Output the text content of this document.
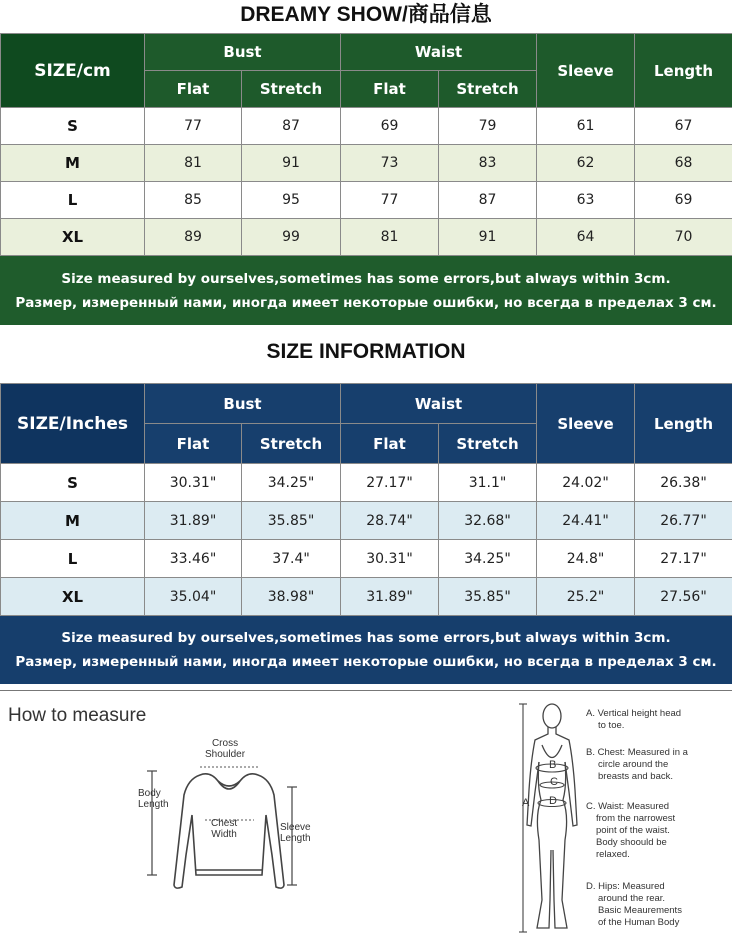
DREAMY SHOW/商品信息
SIZE/cm	Bust		Waist		Sleeve	Length
	Flat	Stretch	Flat	Stretch		
S	77	87	69	79	61	67
M	81	91	73	83	62	68
L	85	95	77	87	63	69
XL	89	99	81	91	64	70
Size measured by ourselves,sometimes has some errors,but always within 3cm.
Размер, измеренный нами, иногда имеет некоторые ошибки, но всегда в пределах 3 см.
SIZE INFORMATION
SIZE/Inches	Bust		Waist		Sleeve	Length
	Flat	Stretch	Flat	Stretch		
S	30.31"	34.25"	27.17"	31.1"	24.02"	26.38"
M	31.89"	35.85"	28.74"	32.68"	24.41"	26.77"
L	33.46"	37.4"	30.31"	34.25"	24.8"	27.17"
XL	35.04"	38.98"	31.89"	35.85"	25.2"	27.56"
Size measured by ourselves,sometimes has some errors,but always within 3cm.
Размер, измеренный нами, иногда имеет некоторые ошибки, но всегда в пределах 3 см.
How to measure
Cross
Shoulder
Body
Length
Chest
Width
Sleeve
Length
A
B
C
D
A. Vertical height head
to toe.
B. Chest: Measured in a
circle around the
breasts and back.
C. Waist: Measured
from the narrowest
point of the waist.
Body shoould be
relaxed.
D. Hips: Measured
around the rear.
Basic Meaurements
of the Human Body
